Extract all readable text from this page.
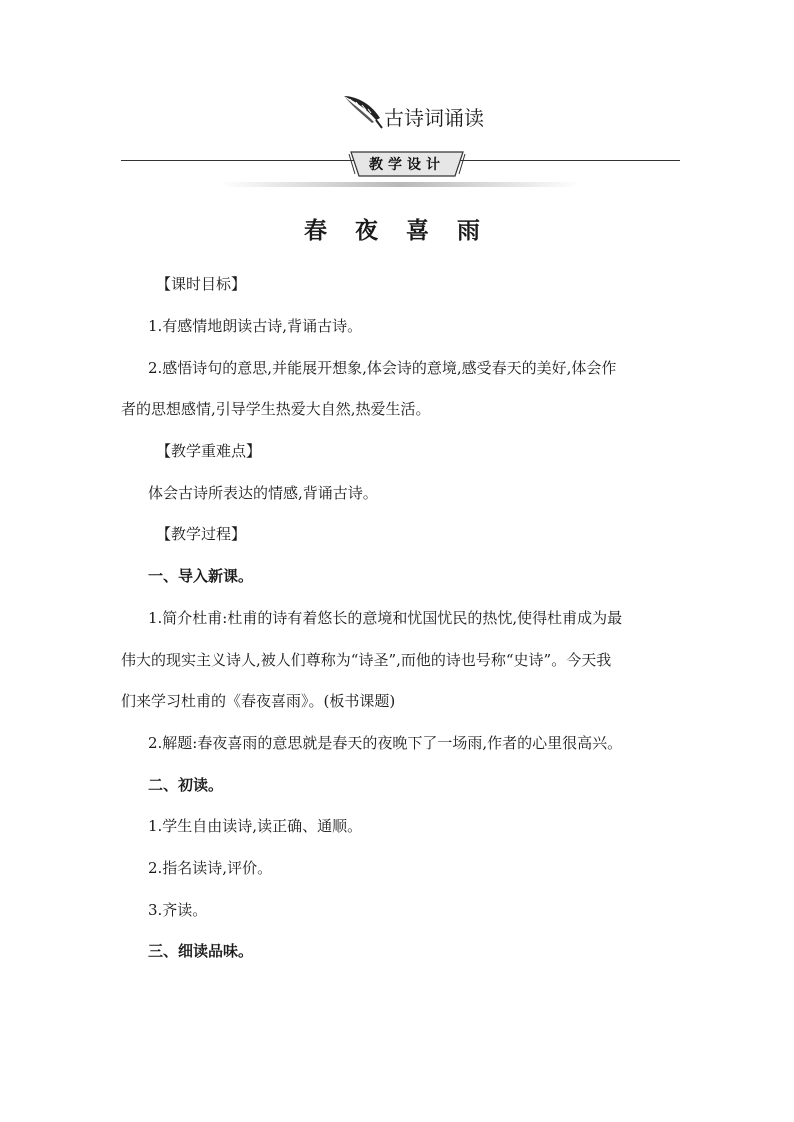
古诗词诵读
教学设计
春 夜 喜 雨
【课时目标】
1.有感情地朗读古诗,背诵古诗。
2.感悟诗句的意思,并能展开想象,体会诗的意境,感受春天的美好,体会作
者的思想感情,引导学生热爱大自然,热爱生活。
【教学重难点】
体会古诗所表达的情感,背诵古诗。
【教学过程】
一、导入新课。
1.简介杜甫:杜甫的诗有着悠长的意境和忧国忧民的热忱,使得杜甫成为最
伟大的现实主义诗人,被人们尊称为“诗圣”,而他的诗也号称“史诗”。今天我
们来学习杜甫的《春夜喜雨》。(板书课题)
2.解题:春夜喜雨的意思就是春天的夜晚下了一场雨,作者的心里很高兴。
二、初读。
1.学生自由读诗,读正确、通顺。
2.指名读诗,评价。
3.齐读。
三、细读品味。
